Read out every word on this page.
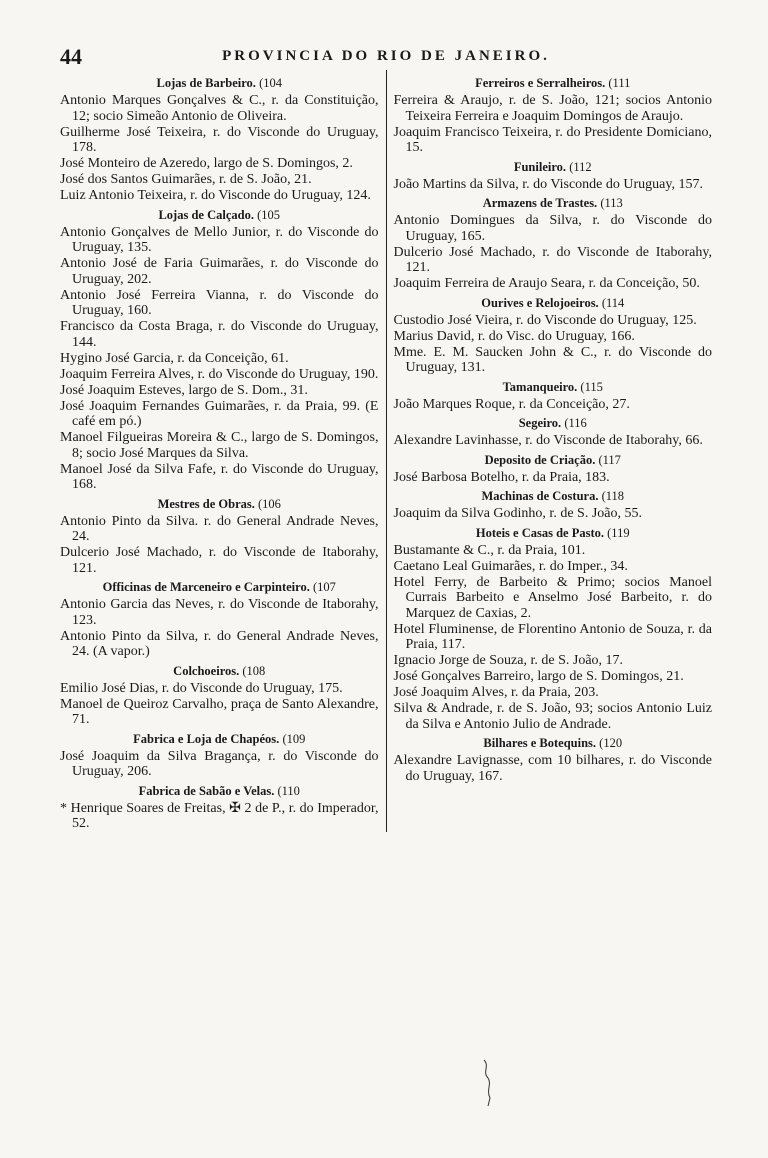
44	PROVINCIA DO RIO DE JANEIRO.
Lojas de Barbeiro. (104
Antonio Marques Gonçalves & C., r. da Constituição, 12; socio Simeão Antonio de Oliveira.
Guilherme José Teixeira, r. do Visconde do Uruguay, 178.
José Monteiro de Azeredo, largo de S. Domingos, 2.
José dos Santos Guimarães, r. de S. João, 21.
Luiz Antonio Teixeira, r. do Visconde do Uruguay, 124.
Lojas de Calçado. (105
Antonio Gonçalves de Mello Junior, r. do Visconde do Uruguay, 135.
Antonio José de Faria Guimarães, r. do Visconde do Uruguay, 202.
Antonio José Ferreira Vianna, r. do Visconde do Uruguay, 160.
Francisco da Costa Braga, r. do Visconde do Uruguay, 144.
Hygino José Garcia, r. da Conceição, 61.
Joaquim Ferreira Alves, r. do Visconde do Uruguay, 190.
José Joaquim Esteves, largo de S. Dom., 31.
José Joaquim Fernandes Guimarães, r. da Praia, 99. (E café em pó.)
Manoel Filgueiras Moreira & C., largo de S. Domingos, 8; socio José Marques da Silva.
Manoel José da Silva Fafe, r. do Visconde do Uruguay, 168.
Mestres de Obras. (106
Antonio Pinto da Silva. r. do General Andrade Neves, 24.
Dulcerio José Machado, r. do Visconde de Itaborahy, 121.
Officinas de Marceneiro e Carpinteiro. (107
Antonio Garcia das Neves, r. do Visconde de Itaborahy, 123.
Antonio Pinto da Silva, r. do General Andrade Neves, 24. (A vapor.)
Colchoeiros. (108
Emilio José Dias, r. do Visconde do Uruguay, 175.
Manoel de Queiroz Carvalho, praça de Santo Alexandre, 71.
Fabrica e Loja de Chapéos. (109
José Joaquim da Silva Bragança, r. do Visconde do Uruguay, 206.
Fabrica de Sabão e Velas. (110
* Henrique Soares de Freitas, ✠ 2 de P., r. do Imperador, 52.
Ferreiros e Serralheiros. (111
Ferreira & Araujo, r. de S. João, 121; socios Antonio Teixeira Ferreira e Joaquim Domingos de Araujo.
Joaquim Francisco Teixeira, r. do Presidente Domiciano, 15.
Funileiro. (112
João Martins da Silva, r. do Visconde do Uruguay, 157.
Armazens de Trastes. (113
Antonio Domingues da Silva, r. do Visconde do Uruguay, 165.
Dulcerio José Machado, r. do Visconde de Itaborahy, 121.
Joaquim Ferreira de Araujo Seara, r. da Conceição, 50.
Ourives e Relojoeiros. (114
Custodio José Vieira, r. do Visconde do Uruguay, 125.
Marius David, r. do Visc. do Uruguay, 166.
Mme. E. M. Saucken John & C., r. do Visconde do Uruguay, 131.
Tamanqueiro. (115
João Marques Roque, r. da Conceição, 27.
Segeiro. (116
Alexandre Lavinhasse, r. do Visconde de Itaborahy, 66.
Deposito de Criação. (117
José Barbosa Botelho, r. da Praia, 183.
Machinas de Costura. (118
Joaquim da Silva Godinho, r. de S. João, 55.
Hoteis e Casas de Pasto. (119
Bustamante & C., r. da Praia, 101.
Caetano Leal Guimarães, r. do Imper., 34.
Hotel Ferry, de Barbeito & Primo; socios Manoel Currais Barbeito e Anselmo José Barbeito, r. do Marquez de Caxias, 2.
Hotel Fluminense, de Florentino Antonio de Souza, r. da Praia, 117.
Ignacio Jorge de Souza, r. de S. João, 17.
José Gonçalves Barreiro, largo de S. Domingos, 21.
José Joaquim Alves, r. da Praia, 203.
Silva & Andrade, r. de S. João, 93; socios Antonio Luiz da Silva e Antonio Julio de Andrade.
Bilhares e Botequins. (120
Alexandre Lavignasse, com 10 bilhares, r. do Visconde do Uruguay, 167.
